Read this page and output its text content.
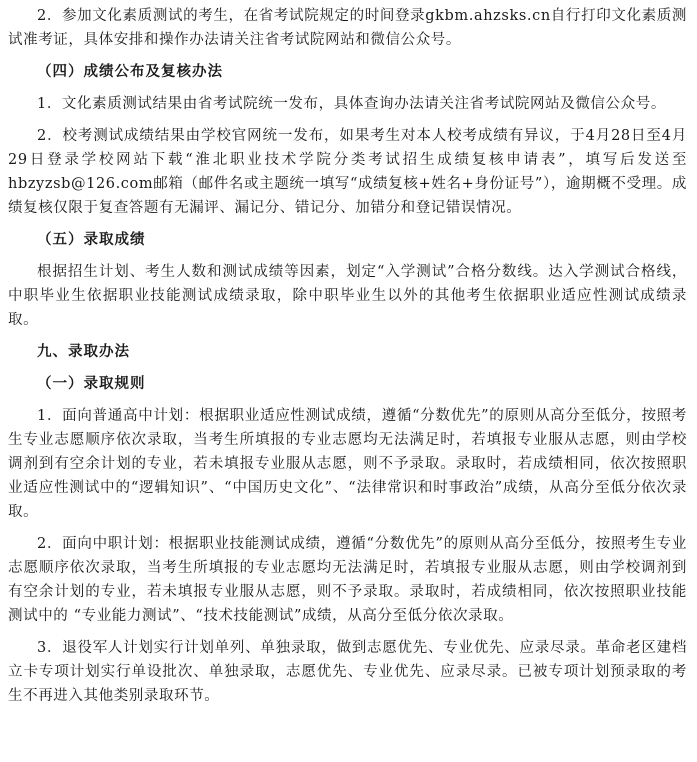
2．参加文化素质测试的考生，在省考试院规定的时间登录gkbm.ahzsks.cn自行打印文化素质测试准考证，具体安排和操作办法请关注省考试院网站和微信公众号。

（四）成绩公布及复核办法

1．文化素质测试结果由省考试院统一发布，具体查询办法请关注省考试院网站及微信公众号。

2．校考测试成绩结果由学校官网统一发布，如果考生对本人校考成绩有异议，于4月28日至4月29日登录学校网站下载“淮北职业技术学院分类考试招生成绩复核申请表”，填写后发送至hbzyzsb@126.com邮箱（邮件名或主题统一填写“成绩复核+姓名+身份证号”），逾期概不受理。成绩复核仅限于复查答题有无漏评、漏记分、错记分、加错分和登记错误情况。

（五）录取成绩

根据招生计划、考生人数和测试成绩等因素，划定“入学测试”合格分数线。达入学测试合格线，中职毕业生依据职业技能测试成绩录取，除中职毕业生以外的其他考生依据职业适应性测试成绩录取。

九、录取办法

（一）录取规则

1．面向普通高中计划：根据职业适应性测试成绩，遵循“分数优先”的原则从高分至低分，按照考生专业志愿顺序依次录取，当考生所填报的专业志愿均无法满足时，若填报专业服从志愿，则由学校调剂到有空余计划的专业，若未填报专业服从志愿，则不予录取。录取时，若成绩相同，依次按照职业适应性测试中的“逻辑知识”、“中国历史文化”、“法律常识和时事政治”成绩，从高分至低分依次录取。

2．面向中职计划：根据职业技能测试成绩，遵循“分数优先”的原则从高分至低分，按照考生专业志愿顺序依次录取，当考生所填报的专业志愿均无法满足时，若填报专业服从志愿，则由学校调剂到有空余计划的专业，若未填报专业服从志愿，则不予录取。录取时，若成绩相同，依次按照职业技能测试中的 “专业能力测试”、“技术技能测试”成绩，从高分至低分依次录取。

3．退役军人计划实行计划单列、单独录取，做到志愿优先、专业优先、应录尽录。革命老区建档立卡专项计划实行单设批次、单独录取，志愿优先、专业优先、应录尽录。已被专项计划预录取的考生不再进入其他类别录取环节。
